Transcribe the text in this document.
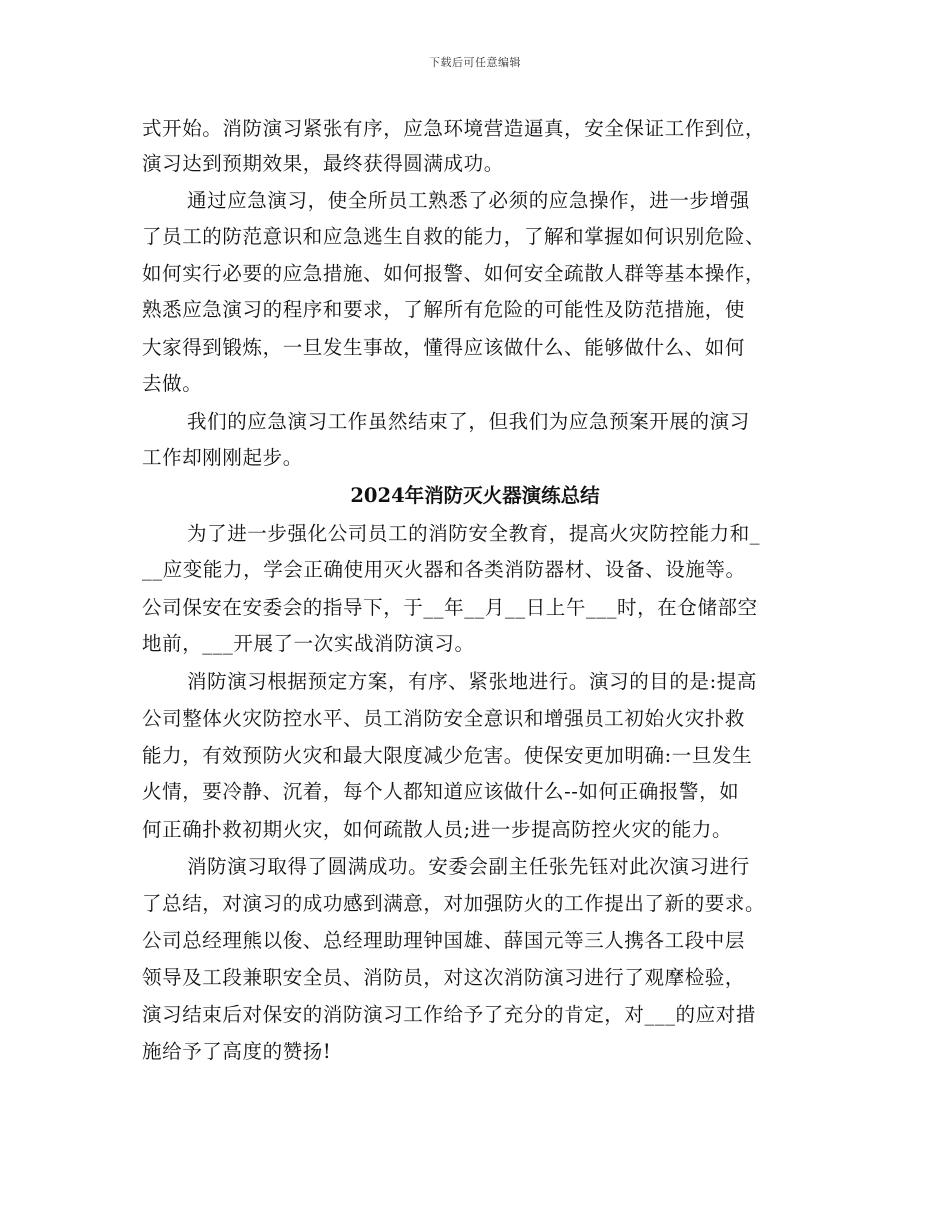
下载后可任意编辑
式开始。消防演习紧张有序，应急环境营造逼真，安全保证工作到位，
演习达到预期效果，最终获得圆满成功。
通过应急演习，使全所员工熟悉了必须的应急操作，进一步增强
了员工的防范意识和应急逃生自救的能力，了解和掌握如何识别危险、
如何实行必要的应急措施、如何报警、如何安全疏散人群等基本操作，
熟悉应急演习的程序和要求，了解所有危险的可能性及防范措施，使
大家得到锻炼，一旦发生事故，懂得应该做什么、能够做什么、如何
去做。
我们的应急演习工作虽然结束了，但我们为应急预案开展的演习
工作却刚刚起步。
2024年消防灭火器演练总结
为了进一步强化公司员工的消防安全教育，提高火灾防控能力和_
__应变能力，学会正确使用灭火器和各类消防器材、设备、设施等。
公司保安在安委会的指导下，于__年__月__日上午___时，在仓储部空
地前，___开展了一次实战消防演习。
消防演习根据预定方案，有序、紧张地进行。演习的目的是:提高
公司整体火灾防控水平、员工消防安全意识和增强员工初始火灾扑救
能力，有效预防火灾和最大限度减少危害。使保安更加明确:一旦发生
火情，要冷静、沉着，每个人都知道应该做什么--如何正确报警，如
何正确扑救初期火灾，如何疏散人员;进一步提高防控火灾的能力。
消防演习取得了圆满成功。安委会副主任张先钰对此次演习进行
了总结，对演习的成功感到满意，对加强防火的工作提出了新的要求。
公司总经理熊以俊、总经理助理钟国雄、薛国元等三人携各工段中层
领导及工段兼职安全员、消防员，对这次消防演习进行了观摩检验，
演习结束后对保安的消防演习工作给予了充分的肯定，对___的应对措
施给予了高度的赞扬!
